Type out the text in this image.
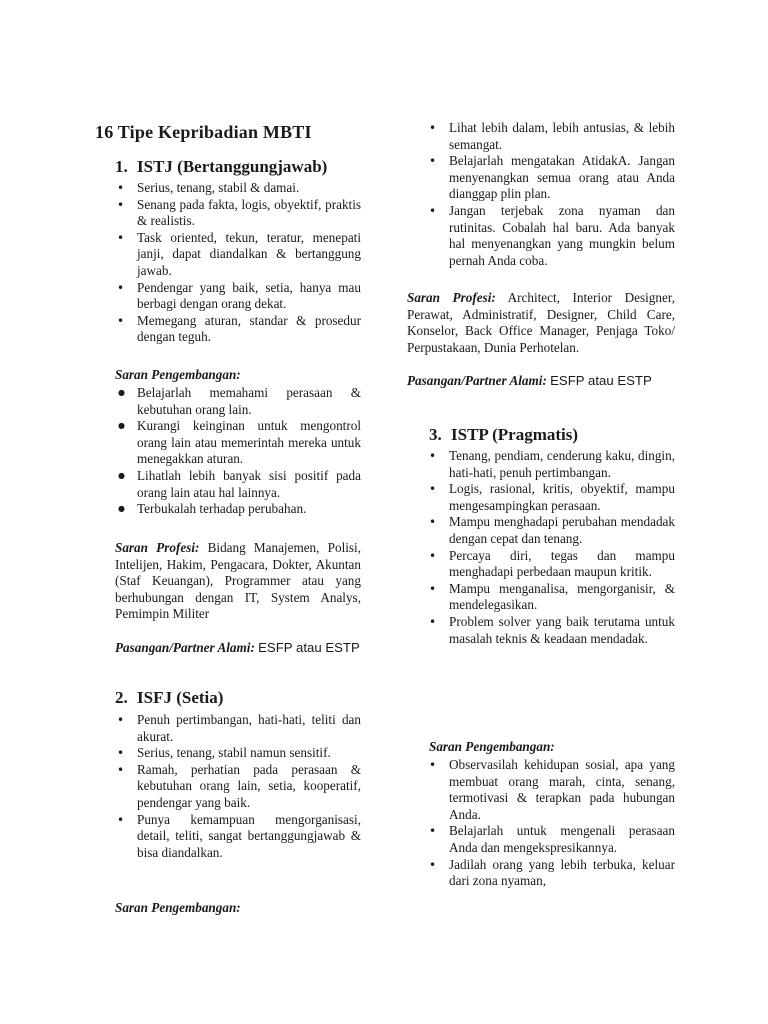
16 Tipe Kepribadian MBTI
1. ISTJ (Bertanggungjawab)
• Serius, tenang, stabil & damai.
• Senang pada fakta, logis, obyektif, praktis & realistis.
• Task oriented, tekun, teratur, menepati janji, dapat diandalkan & bertanggung jawab.
• Pendengar yang baik, setia, hanya mau berbagi dengan orang dekat.
• Memegang aturan, standar & prosedur dengan teguh.
Saran Pengembangan:
● Belajarlah memahami perasaan & kebutuhan orang lain.
● Kurangi keinginan untuk mengontrol orang lain atau memerintah mereka untuk menegakkan aturan.
● Lihatlah lebih banyak sisi positif pada orang lain atau hal lainnya.
● Terbukalah terhadap perubahan.
Saran Profesi: Bidang Manajemen, Polisi, Intelijen, Hakim, Pengacara, Dokter, Akuntan (Staf Keuangan), Programmer atau yang berhubungan dengan IT, System Analys, Pemimpin Militer
Pasangan/Partner Alami: ESFP atau ESTP
2. ISFJ (Setia)
• Penuh pertimbangan, hati-hati, teliti dan akurat.
• Serius, tenang, stabil namun sensitif.
• Ramah, perhatian pada perasaan & kebutuhan orang lain, setia, kooperatif, pendengar yang baik.
• Punya kemampuan mengorganisasi, detail, teliti, sangat bertanggungjawab & bisa diandalkan.
Saran Pengembangan:
• Lihat lebih dalam, lebih antusias, & lebih semangat.
• Belajarlah mengatakan AtidakA. Jangan menyenangkan semua orang atau Anda dianggap plin plan.
• Jangan terjebak zona nyaman dan rutinitas. Cobalah hal baru. Ada banyak hal menyenangkan yang mungkin belum pernah Anda coba.
Saran Profesi: Architect, Interior Designer, Perawat, Administratif, Designer, Child Care, Konselor, Back Office Manager, Penjaga Toko/ Perpustakaan, Dunia Perhotelan.
Pasangan/Partner Alami: ESFP atau ESTP
3. ISTP (Pragmatis)
• Tenang, pendiam, cenderung kaku, dingin, hati-hati, penuh pertimbangan.
• Logis, rasional, kritis, obyektif, mampu mengesampingkan perasaan.
• Mampu menghadapi perubahan mendadak dengan cepat dan tenang.
• Percaya diri, tegas dan mampu menghadapi perbedaan maupun kritik.
• Mampu menganalisa, mengorganisir, & mendelegasikan.
• Problem solver yang baik terutama untuk masalah teknis & keadaan mendadak.
Saran Pengembangan:
• Observasilah kehidupan sosial, apa yang membuat orang marah, cinta, senang, termotivasi & terapkan pada hubungan Anda.
• Belajarlah untuk mengenali perasaan Anda dan mengekspresikannya.
• Jadilah orang yang lebih terbuka, keluar dari zona nyaman,
